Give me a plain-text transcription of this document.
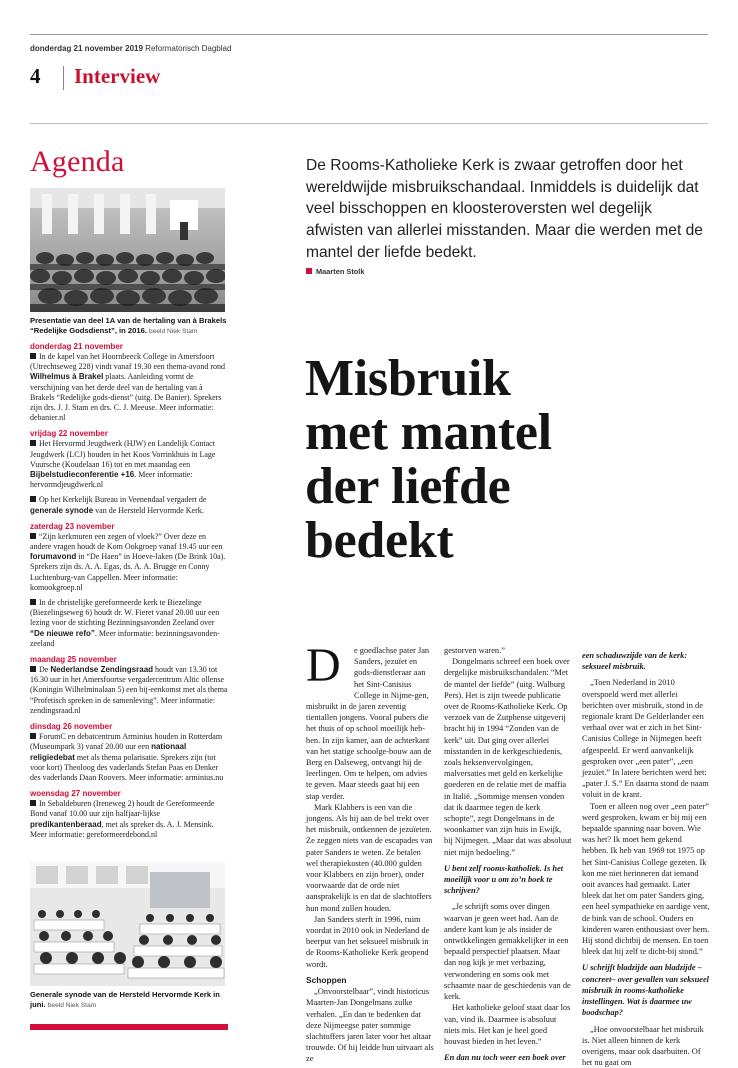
donderdag 21 november 2019 Reformatorisch Dagblad
4 Interview
Agenda
Presentatie van deel 1A van de hertaling van à Brakels “Redelijke Godsdienst”, in 2016. beeld Niek Stam
donderdag 21 november

In de kapel van het Hoornbeeck College in Amersfoort (Utrechtseweg 228) vindt vanaf 19.30 een thema-avond rond Wilhelmus à Brakel plaats. Aanleiding vormt de verschijning van het derde deel van de hertaling van à Brakels “Redelijke gods-dienst” (uitg. De Banier). Sprekers zijn drs. J. J. Stam en drs. C. J. Meeuse. Meer informatie: debanier.nl

vrijdag 22 november

Het Hervormd Jeugdwerk (HJW) en Landelijk Contact Jeugdwerk (LCJ) houden in het Koos Vorrinkhuis in Lage Vuursche (Koudelaan 16) tot en met maandag een Bijbelstudieconferentie +16. Meer informatie: hervormdjeugdwerk.nl

Op het Kerkelijk Bureau in Veenendaal vergadert de generale synode van de Hersteld Hervormde Kerk.

zaterdag 23 november

“Zijn kerkmuren een zegen of vloek?” Over deze en andere vragen houdt de Kom Ookgroep vanaf 19.45 uur een forumavond in “De Haen” in Hoeve-laken (De Brink 10a). Sprekers zijn ds. A. A. Egas, ds. A. A. Brugge en Conny Luchtenburg-van Cappellen. Meer informatie: komookgroep.nl

In de christelijke gereformeerde kerk te Biezelinge (Biezelingseweg 6) houdt dr. W. Fieret vanaf 20.00 uur een lezing voor de stichting Bezinningsavonden Zeeland over “De nieuwe refo”. Meer informatie: bezinningsavonden-zeeland

maandag 25 november

De Nederlandse Zendingsraad houdt van 13.30 tot 16.30 uur in het Amersfoortse vergadercentrum Altic ollense (Koningin Wilhelminalaan 5) een bij-eenkomst met als thema “Profetisch spreken in de samenleving”. Meer informatie: zendingsraad.nl

dinsdag 26 november

ForumC en debatcentrum Arminius houden in Rotterdam (Museumpark 3) vanaf 20.00 uur een nationaal religiedebat met als thema polarisatie. Sprekers zijn (tot voor kort) Theoloog des vaderlands Stefan Paas en Denker des vaderlands Daan Roovers. Meer informatie: arminius.nu

woensdag 27 november

In Sebaldeburen (Ireneweg 2) houdt de Gereformeerde Bond vanaf 10.00 uur zijn halfjaar-lijkse predikantenberaad, met als spreker ds. A. J. Mensink. Meer informatie: gereformeerdebond.nl

Generale synode van de Hersteld Hervormde Kerk in juni. beeld Niek Stam
De Rooms-Katholieke Kerk is zwaar getroffen door het wereldwijde misbruikschandaal. Inmiddels is duidelijk dat veel bisschoppen en kloosteroversten wel degelijk afwisten van allerlei misstanden. Maar die werden met de mantel der liefde bedekt.
Maarten Stolk
Misbruik
met mantel
der liefde
bedekt
D	e goedlachse pater Jan Sanders, jezuïet en gods-dienstleraar aan het Sint-Canisius College in Nijme-gen, misbruikt in de jaren zeventig tientallen jongens. Vooral pubers die het thuis of op school moeilijk heb-ben. In zijn kamer, aan de achterkant van het statige schoolge-bouw aan de Berg en Dalseweg, ontvangt hij de leerlingen. Om te helpen, om advies te geven. Maar steeds gaat hij een stap verder.

Mark Klabbers is een van die jongens. Als hij aan de bel trekt over het misbruik, ontkennen de jezuïeten. Ze zeggen niets van de escapades van pater Sanders te weten. Ze betalen wel therapiekosten (40.000 gulden voor Klabbers en zijn broer), onder voorwaarde dat de orde niet aansprakelijk is en dat de slachtoffers hun mond zullen houden.

Jan Sanders sterft in 1996, ruim voordat in 2010 ook in Nederland de beerput van het seksueel misbruik in de Rooms-Katholieke Kerk geopend wordt.

Schoppen

„Onvoorstelbaar”, vindt historicus Maarten-Jan Dongelmans zulke verhalen. „En dan te bedenken dat deze Nijmeegse pater sommige slachtoffers jaren later voor het altaar trouwde. Of hij leidde hun uitvaart als ze

gestorven waren.”

Dongelmans schreef een boek over dergelijke misbruikschandalen: “Met de mantel der liefde” (uitg. Walburg Pers). Het is zijn tweede publicatie over de Rooms-Katholieke Kerk. Op verzoek van de Zutphense uitgeverij bracht hij in 1994 “Zonden van de kerk” uit. Dat ging over allerlei misstanden in de kerkgeschiedenis, zoals heksenvervolgingen, malversaties met geld en kerkelijke goederen en de relatie met de maffia in Italië. „Sommige mensen vonden dat ik daarmee tegen de kerk schopte”, zegt Dongelmans in de woonkamer van zijn huis in Ewijk, bij Nijmegen. „Maar dat was absoluut niet mijn bedoeling.”

U bent zelf rooms-katholiek. Is het moeilijk voor u om zo’n boek te schrijven?

„Je schrijft soms over dingen waarvan je geen weet had. Aan de andere kant kun je als insider de ontwikkelingen gemakkelijker in een bepaald perspectief plaatsen. Maar dan nog kijk je met verbazing, verwondering en soms ook met schaamte naar de geschiedenis van de kerk.

Het katholieke geloof staat daar los van, vind ik. Daarmee is absoluut niets mis. Het kan je heel goed houvast bieden in het leven.”

En dan nu toch weer een boek over

een schaduwzijde van de kerk: seksueel misbruik.

„Toen Nederland in 2010 overspoeld werd met allerlei berichten over misbruik, stond in de regionale krant De Gelderlander een verhaal over wat er zich in het Sint-Canisius College in Nijmegen heeft afgespeeld. Er werd aanvankelijk gesproken over „een pater”, „een jezuïet.” In latere berichten werd het: „pater J. S.” En daarna stond de naam voluit in de krant.

Toen er alleen nog over „een pater” werd gesproken, kwam er bij mij een bepaalde spanning naar boven. Wie was het? Ik moet hem gekend hebben. Ik heb van 1969 tot 1975 op het Sint-Canisius College gezeten. Ik kon me niet herinneren dat iemand ooit avances had gemaakt. Later bleek dat het om pater Sanders ging, een heel sympathieke en aardige vent, de bink van de school. Ouders en kinderen waren enthousiast over hem. Hij stond dichtbij de mensen. En toen bleek dat hij zelf te dicht-bij stond.”

U schrijft bladzijde aan bladzijde –concreet– over gevallen van seksueel misbruik in rooms-katholieke instellingen. Wat is daarmee uw boodschap?

„Hoe onvoorstelbaar het misbruik is. Niet alleen binnen de kerk overigens, maar ook daarbuiten. Of het nu gaat om
